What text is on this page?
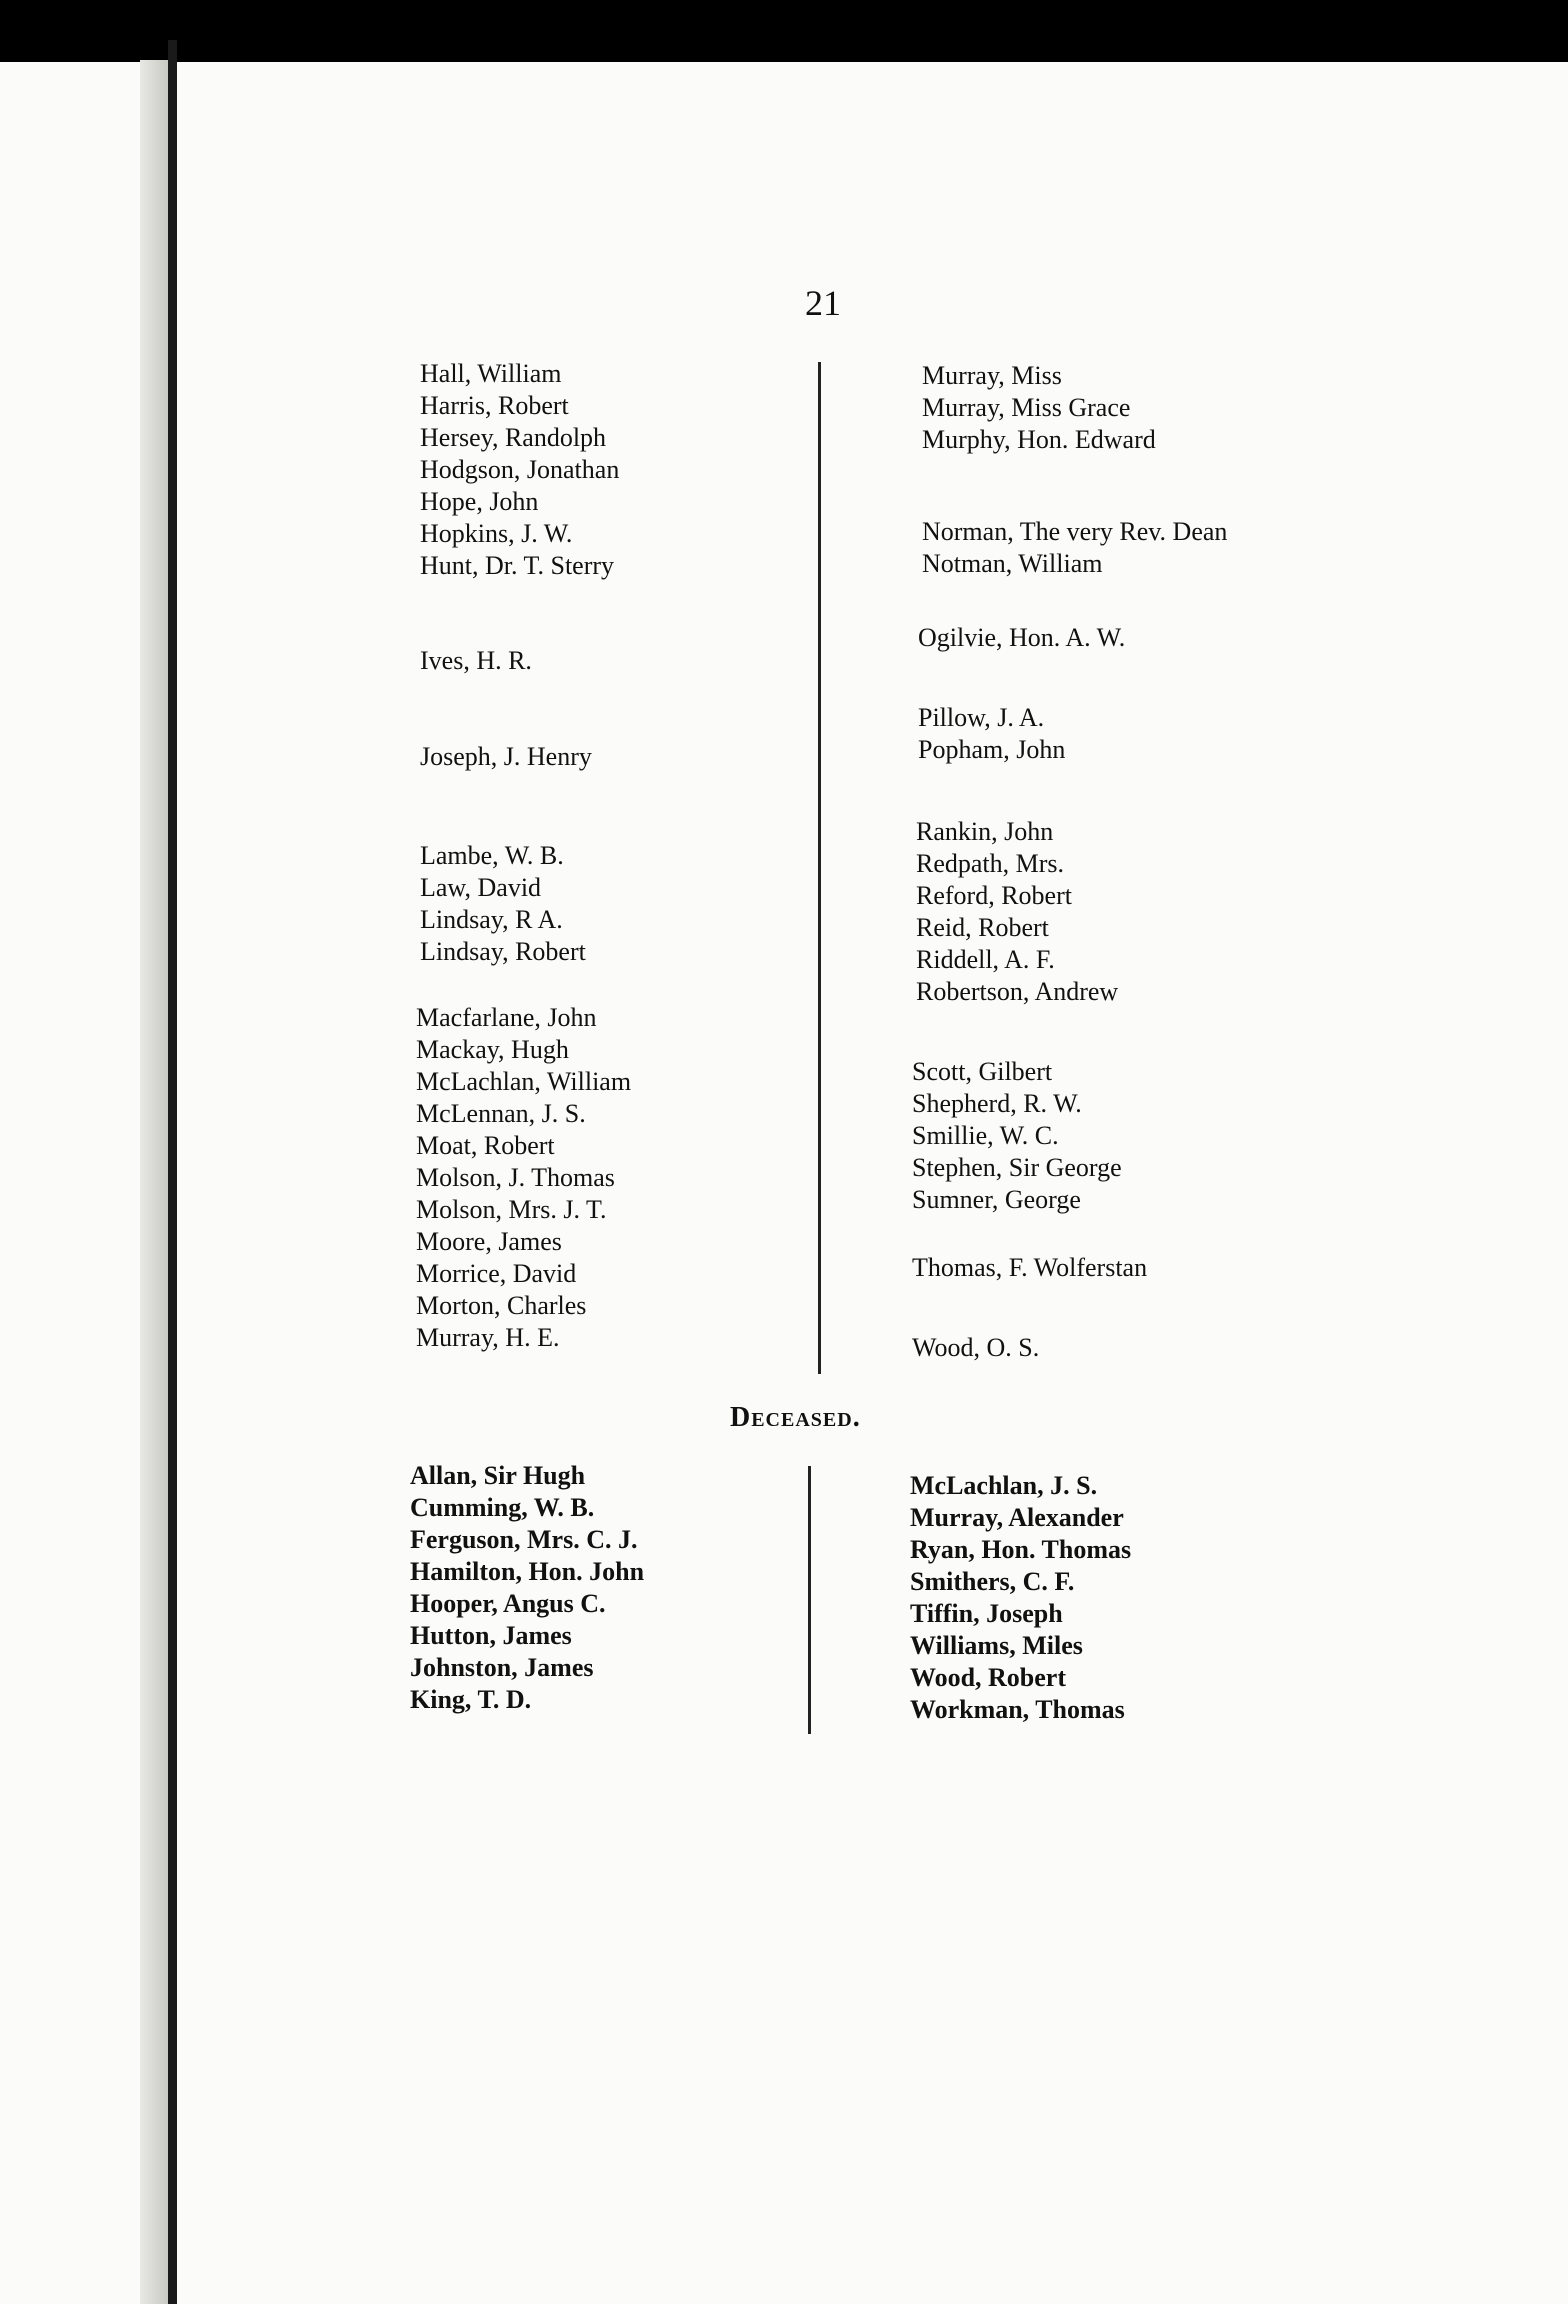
21
Hall, William
Harris, Robert
Hersey, Randolph
Hodgson, Jonathan
Hope, John
Hopkins, J. W.
Hunt, Dr. T. Sterry
Ives, H. R.
Joseph, J. Henry
Lambe, W. B.
Law, David
Lindsay, R A.
Lindsay, Robert
Macfarlane, John
Mackay, Hugh
McLachlan, William
McLennan, J. S.
Moat, Robert
Molson, J. Thomas
Molson, Mrs. J. T.
Moore, James
Morrice, David
Morton, Charles
Murray, H. E.
Murray, Miss
Murray, Miss Grace
Murphy, Hon. Edward
Norman, The very Rev. Dean
Notman, William
Ogilvie, Hon. A. W.
Pillow, J. A.
Popham, John
Rankin, John
Redpath, Mrs.
Reford, Robert
Reid, Robert
Riddell, A. F.
Robertson, Andrew
Scott, Gilbert
Shepherd, R. W.
Smillie, W. C.
Stephen, Sir George
Sumner, George
Thomas, F. Wolferstan
Wood, O. S.
Deceased.
Allan, Sir Hugh
Cumming, W. B.
Ferguson, Mrs. C. J.
Hamilton, Hon. John
Hooper, Angus C.
Hutton, James
Johnston, James
King, T. D.
McLachlan, J. S.
Murray, Alexander
Ryan, Hon. Thomas
Smithers, C. F.
Tiffin, Joseph
Williams, Miles
Wood, Robert
Workman, Thomas
